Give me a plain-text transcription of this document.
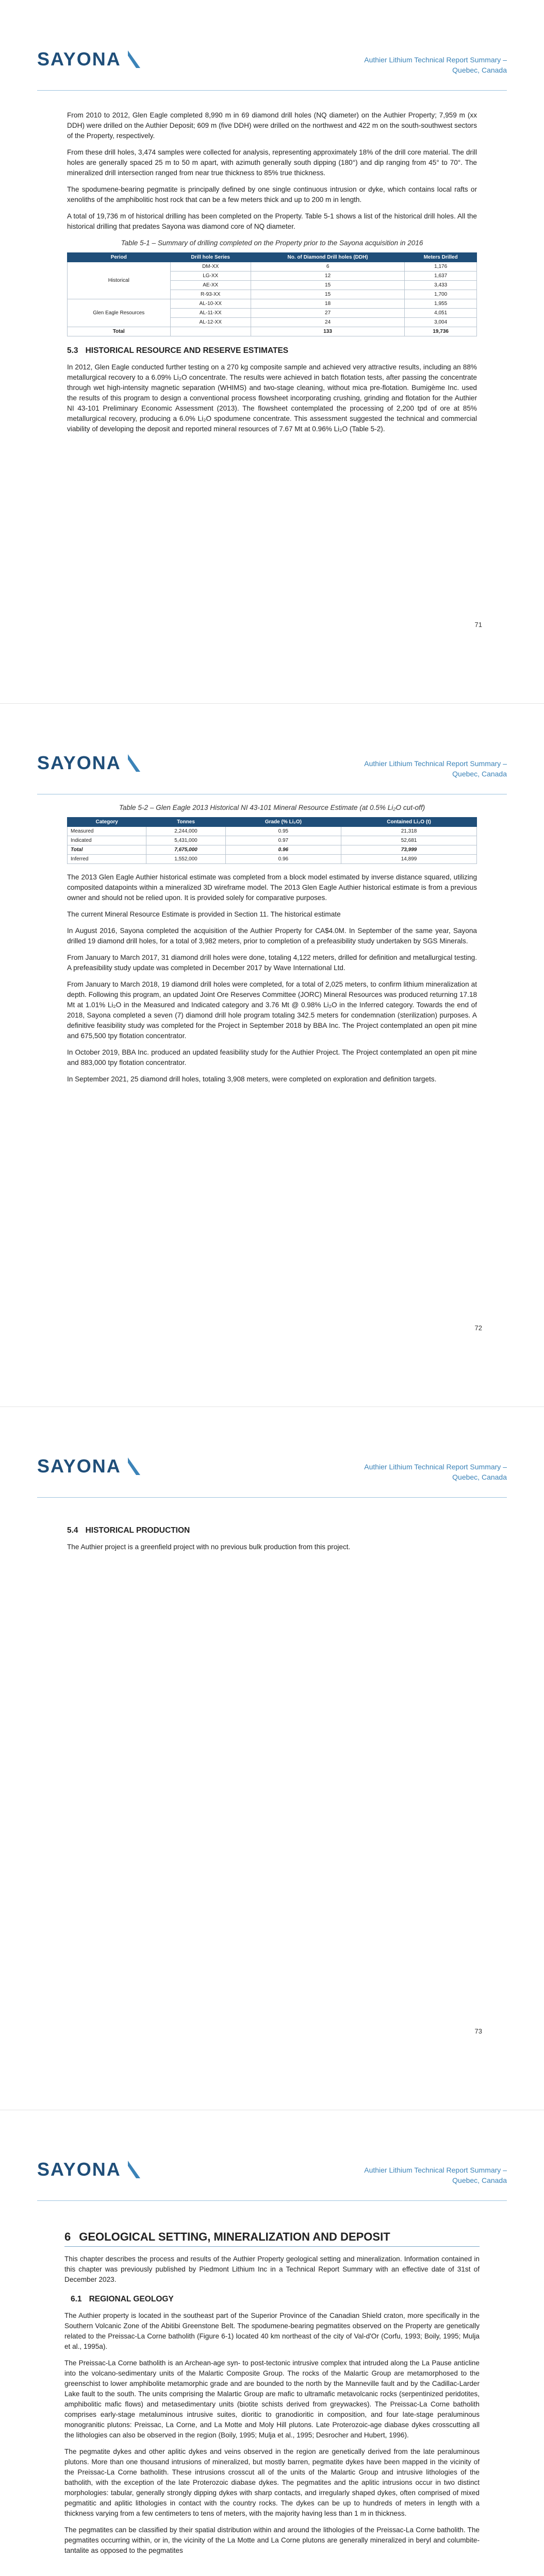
SAYONA	Authier Lithium Technical Report Summary –
Quebec, Canada

From 2010 to 2012, Glen Eagle completed 8,990 m in 69 diamond drill holes (NQ diameter) on the Authier Property; 7,959 m (xx DDH) were drilled on the Authier Deposit; 609 m (five DDH) were drilled on the northwest and 422 m on the south-southwest sectors of the Property, respectively.

From these drill holes, 3,474 samples were collected for analysis, representing approximately 18% of the drill core material. The drill holes are generally spaced 25 m to 50 m apart, with azimuth generally south dipping (180°) and dip ranging from 45° to 70°. The mineralized drill intersection ranged from near true thickness to 85% true thickness.

The spodumene-bearing pegmatite is principally defined by one single continuous intrusion or dyke, which contains local rafts or xenoliths of the amphibolitic host rock that can be a few meters thick and up to 200 m in length.

A total of 19,736 m of historical drilling has been completed on the Property. Table 5-1 shows a list of the historical drill holes. All the historical drilling that predates Sayona was diamond core of NQ diameter.

Table 5-1 – Summary of drilling completed on the Property prior to the Sayona acquisition in 2016
Period	Drill hole Series	No. of Diamond Drill holes (DDH)	Meters Drilled
Historical	DM-XX	6	1,176
	LG-XX	12	1,637
	AE-XX	15	3,433
	R-93-XX	15	1,700
Glen Eagle Resources	AL-10-XX	18	1,955
	AL-11-XX	27	4,051
	AL-12-XX	24	3,004
Total		133	19,736
5.3 HISTORICAL RESOURCE AND RESERVE ESTIMATES

In 2012, Glen Eagle conducted further testing on a 270 kg composite sample and achieved very attractive results, including an 88% metallurgical recovery to a 6.09% Li₂O concentrate. The results were achieved in batch flotation tests, after passing the concentrate through wet high-intensity magnetic separation (WHIMS) and two-stage cleaning, without mica pre-flotation. Bumigème Inc. used the results of this program to design a conventional process flowsheet incorporating crushing, grinding and flotation for the Authier NI 43-101 Preliminary Economic Assessment (2013). The flowsheet contemplated the processing of 2,200 tpd of ore at 85% metallurgical recovery, producing a 6.0% Li₂O spodumene concentrate. This assessment suggested the technical and commercial viability of developing the deposit and reported mineral resources of 7.67 Mt at 0.96% Li₂O (Table 5-2).

71
SAYONA	Authier Lithium Technical Report Summary –
Quebec, Canada
Table 5-2 – Glen Eagle 2013 Historical NI 43-101 Mineral Resource Estimate (at 0.5% Li₂O cut-off)
Category	Tonnes	Grade (% Li₂O)	Contained Li₂O (t)
Measured	2,244,000	0.95	21,318
Indicated	5,431,000	0.97	52,681
Total	7,675,000	0.96	73,999
Inferred	1,552,000	0.96	14,899

The 2013 Glen Eagle Authier historical estimate was completed from a block model estimated by inverse distance squared, utilizing composited datapoints within a mineralized 3D wireframe model. The 2013 Glen Eagle Authier historical estimate is from a previous owner and should not be relied upon. It is provided solely for comparative purposes.

The current Mineral Resource Estimate is provided in Section 11. The historical estimate

In August 2016, Sayona completed the acquisition of the Authier Property for CA$4.0M. In September of the same year, Sayona drilled 19 diamond drill holes, for a total of 3,982 meters, prior to completion of a prefeasibility study undertaken by SGS Minerals.

From January to March 2017, 31 diamond drill holes were done, totaling 4,122 meters, drilled for definition and metallurgical testing. A prefeasibility study update was completed in December 2017 by Wave International Ltd.

From January to March 2018, 19 diamond drill holes were completed, for a total of 2,025 meters, to confirm lithium mineralization at depth. Following this program, an updated Joint Ore Reserves Committee (JORC) Mineral Resources was produced returning 17.18 Mt at 1.01% Li₂O in the Measured and Indicated category and 3.76 Mt @ 0.98% Li₂O in the Inferred category. Towards the end of 2018, Sayona completed a seven (7) diamond drill hole program totaling 342.5 meters for condemnation (sterilization) purposes. A definitive feasibility study was completed for the Project in September 2018 by BBA Inc. The Project contemplated an open pit mine and 675,500 tpy flotation concentrator.

In October 2019, BBA Inc. produced an updated feasibility study for the Authier Project. The Project contemplated an open pit mine and 883,000 tpy flotation concentrator.

In September 2021, 25 diamond drill holes, totaling 3,908 meters, were completed on exploration and definition targets.

72
SAYONA	Authier Lithium Technical Report Summary –
Quebec, Canada
5.4 HISTORICAL PRODUCTION

The Authier project is a greenfield project with no previous bulk production from this project.

73
SAYONA	Authier Lithium Technical Report Summary –
Quebec, Canada
6 GEOLOGICAL SETTING, MINERALIZATION AND DEPOSIT

This chapter describes the process and results of the Authier Property geological setting and mineralization. Information contained in this chapter was previously published by Piedmont Lithium Inc in a Technical Report Summary with an effective date of 31st of December 2023.

6.1 REGIONAL GEOLOGY

The Authier property is located in the southeast part of the Superior Province of the Canadian Shield craton, more specifically in the Southern Volcanic Zone of the Abitibi Greenstone Belt. The spodumene-bearing pegmatites observed on the Property are genetically related to the Preissac-La Corne batholith (Figure 6-1) located 40 km northeast of the city of Val-d'Or (Corfu, 1993; Boily, 1995; Mulja et al., 1995a).

The Preissac-La Corne batholith is an Archean-age syn- to post-tectonic intrusive complex that intruded along the La Pause anticline into the volcano-sedimentary units of the Malartic Composite Group. The rocks of the Malartic Group are metamorphosed to the greenschist to lower amphibolite metamorphic grade and are bounded to the north by the Manneville fault and by the Cadillac-Larder Lake fault to the south. The units comprising the Malartic Group are mafic to ultramafic metavolcanic rocks (serpentinized peridotites, amphibolitic mafic flows) and metasedimentary units (biotite schists derived from greywackes). The Preissac-La Corne batholith comprises early-stage metaluminous intrusive suites, dioritic to granodioritic in composition, and four late-stage peraluminous monogranitic plutons: Preissac, La Corne, and La Motte and Moly Hill plutons. Late Proterozoic-age diabase dykes crosscutting all the lithologies can also be observed in the region (Boily, 1995; Mulja et al., 1995; Desrocher and Hubert, 1996).

The pegmatite dykes and other aplitic dykes and veins observed in the region are genetically derived from the late peraluminous plutons. More than one thousand intrusions of mineralized, but mostly barren, pegmatite dykes have been mapped in the vicinity of the Preissac-La Corne batholith. These intrusions crosscut all of the units of the Malartic Group and intrusive lithologies of the batholith, with the exception of the late Proterozoic diabase dykes. The pegmatites and the aplitic intrusions occur in two distinct morphologies: tabular, generally strongly dipping dykes with sharp contacts, and irregularly shaped dykes, often comprised of mixed pegmatitic and aplitic lithologies in contact with the country rocks. The dykes can be up to hundreds of meters in length with a thickness varying from a few centimeters to tens of meters, with the majority having less than 1 m in thickness.

The pegmatites can be classified by their spatial distribution within and around the lithologies of the Preissac-La Corne batholith. The pegmatites occurring within, or in, the vicinity of the La Motte and La Corne plutons are generally mineralized in beryl and columbite-tantalite as opposed to the pegmatites
